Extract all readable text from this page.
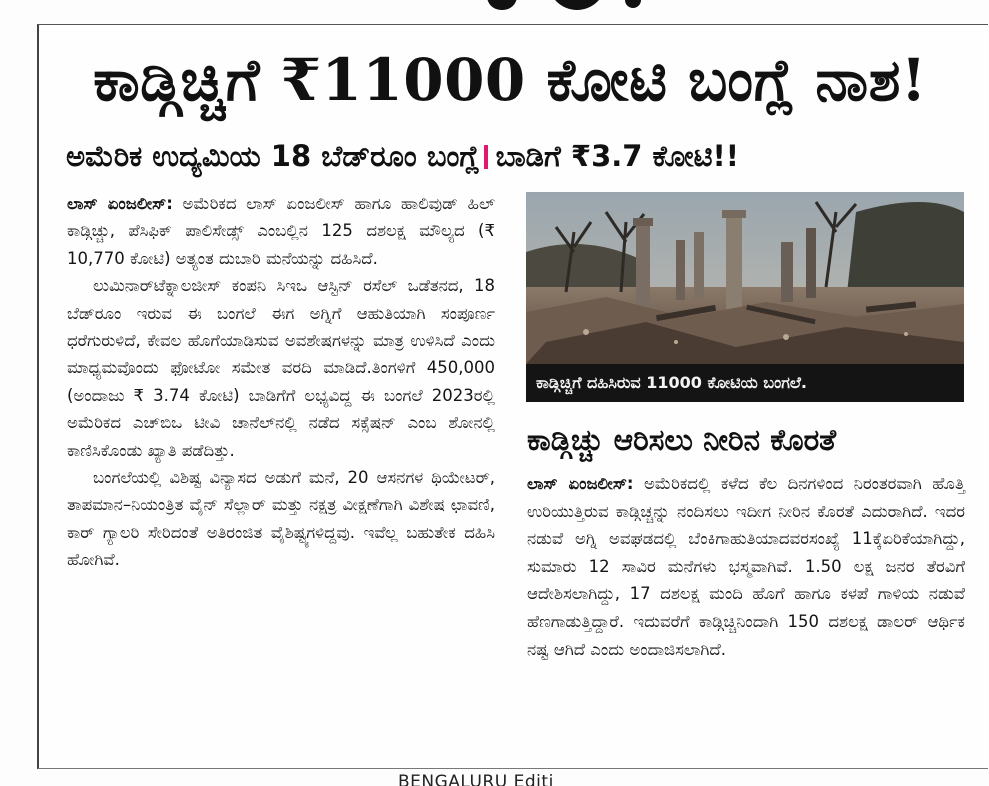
ಕಾಡ್ಗಿಚ್ಚಿಗೆ ₹11000 ಕೋಟಿ ಬಂಗ್ಲೆ ನಾಶ!
ಅಮೆರಿಕ ಉದ್ಯಮಿಯ 18 ಬೆಡ್‌ರೂಂ ಬಂಗ್ಲೆ ಬಾಡಿಗೆ ₹3.7 ಕೋಟಿ!!

ಲಾಸ್ ಏಂಜಲೀಸ್: ಅಮೆರಿಕದ ಲಾಸ್ ಏಂಜಲೀಸ್ ಹಾಗೂ ಹಾಲಿವುಡ್ ಹಿಲ್ ಕಾಡ್ಗಿಚ್ಚು, ಪೆಸಿಫಿಕ್ ಪಾಲಿಸೇಡ್ಸ್ ಎಂಬಲ್ಲಿನ 125 ದಶಲಕ್ಷ ಮೌಲ್ಯದ (₹ 10,770 ಕೋಟಿ) ಅತ್ಯಂತ ದುಬಾರಿ ಮನೆಯನ್ನು ದಹಿಸಿದೆ.

ಲುಮಿನಾರ್‌ಟೆಕ್ನಾಲಜೀಸ್ ಕಂಪನಿ ಸಿಇಒ ಆಸ್ಟಿನ್ ರಸೆಲ್ ಒಡೆತನದ, 18 ಬೆಡ್‌ರೂಂ ಇರುವ ಈ ಬಂಗಲೆ ಈಗ ಅಗ್ನಿಗೆ ಆಹುತಿಯಾಗಿ ಸಂಪೂರ್ಣ ಧರೆಗುರುಳಿದೆ, ಕೇವಲ ಹೊಗೆಯಾಡಿಸುವ ಅವಶೇಷಗಳನ್ನು ಮಾತ್ರ ಉಳಿಸಿದೆ ಎಂದು ಮಾಧ್ಯಮವೊಂದು ಫೋಟೋ ಸಮೇತ ವರದಿ ಮಾಡಿದೆ.ತಿಂಗಳಿಗೆ 450,000 (ಅಂದಾಜು ₹ 3.74 ಕೋಟಿ) ಬಾಡಿಗೆಗೆ ಲಭ್ಯವಿದ್ದ ಈ ಬಂಗಲೆ 2023ರಲ್ಲಿ ಅಮೆರಿಕದ ಎಚ್‌ಬಿಒ ಟೀವಿ ಚಾನೆಲ್‌ನಲ್ಲಿ ನಡೆದ ಸಕ್ಸೆಷನ್ ಎಂಬ ಶೋನಲ್ಲಿ ಕಾಣಿಸಿಕೊಂಡು ಖ್ಯಾತಿ ಪಡೆದಿತ್ತು.

ಬಂಗಲೆಯಲ್ಲಿ ವಿಶಿಷ್ಟ ವಿನ್ಯಾಸದ ಅಡುಗೆ ಮನೆ, 20 ಆಸನಗಳ ಥಿಯೇಟರ್, ತಾಪಮಾನ–ನಿಯಂತ್ರಿತ ವೈನ್ ಸೆಲ್ಲಾರ್ ಮತ್ತು ನಕ್ಷತ್ರ ವೀಕ್ಷಣೆಗಾಗಿ ವಿಶೇಷ ಛಾವಣಿ, ಕಾರ್ ಗ್ಯಾಲರಿ ಸೇರಿದಂತೆ ಅತಿರಂಜಿತ ವೈಶಿಷ್ಟ್ಯಗಳಿದ್ದವು. ಇವೆಲ್ಲ ಬಹುತೇಕ ದಹಿಸಿ ಹೋಗಿವೆ.

ಕಾಡ್ಗಿಚ್ಚಿಗೆ ದಹಿಸಿರುವ 11000 ಕೋಟಿಯ ಬಂಗಲೆ.
ಕಾಡ್ಗಿಚ್ಚು ಆರಿಸಲು ನೀರಿನ ಕೊರತೆ

ಲಾಸ್ ಏಂಜಲೀಸ್: ಅಮೆರಿಕದಲ್ಲಿ ಕಳೆದ ಕೆಲ ದಿನಗಳಿಂದ ನಿರಂತರವಾಗಿ ಹೊತ್ತಿ ಉರಿಯುತ್ತಿರುವ ಕಾಡ್ಗಿಚ್ಚನ್ನು ನಂದಿಸಲು ಇದೀಗ ನೀರಿನ ಕೊರತೆ ಎದುರಾಗಿದೆ. ಇದರ ನಡುವೆ ಅಗ್ನಿ ಅವಘಡದಲ್ಲಿ ಬೆಂಕಿಗಾಹುತಿಯಾದವರಸಂಖ್ಯೆ 11ಕ್ಕೆಏರಿಕೆಯಾಗಿದ್ದು, ಸುಮಾರು 12 ಸಾವಿರ ಮನೆಗಳು ಭಸ್ಮವಾಗಿವೆ. 1.50 ಲಕ್ಷ ಜನರ ತೆರವಿಗೆ ಆದೇಶಿಸಲಾಗಿದ್ದು, 17 ದಶಲಕ್ಷ ಮಂದಿ ಹೊಗೆ ಹಾಗೂ ಕಳಪೆ ಗಾಳಿಯ ನಡುವೆ ಹೆಣಗಾಡುತ್ತಿದ್ದಾರೆ. ಇದುವರೆಗೆ ಕಾಡ್ಗಿಚ್ಚಿನಿಂದಾಗಿ 150 ದಶಲಕ್ಷ ಡಾಲರ್ ಆರ್ಥಿಕ ನಷ್ಟ ಆಗಿದೆ ಎಂದು ಅಂದಾಜಿಸಲಾಗಿದೆ.

BENGALURU Editi
